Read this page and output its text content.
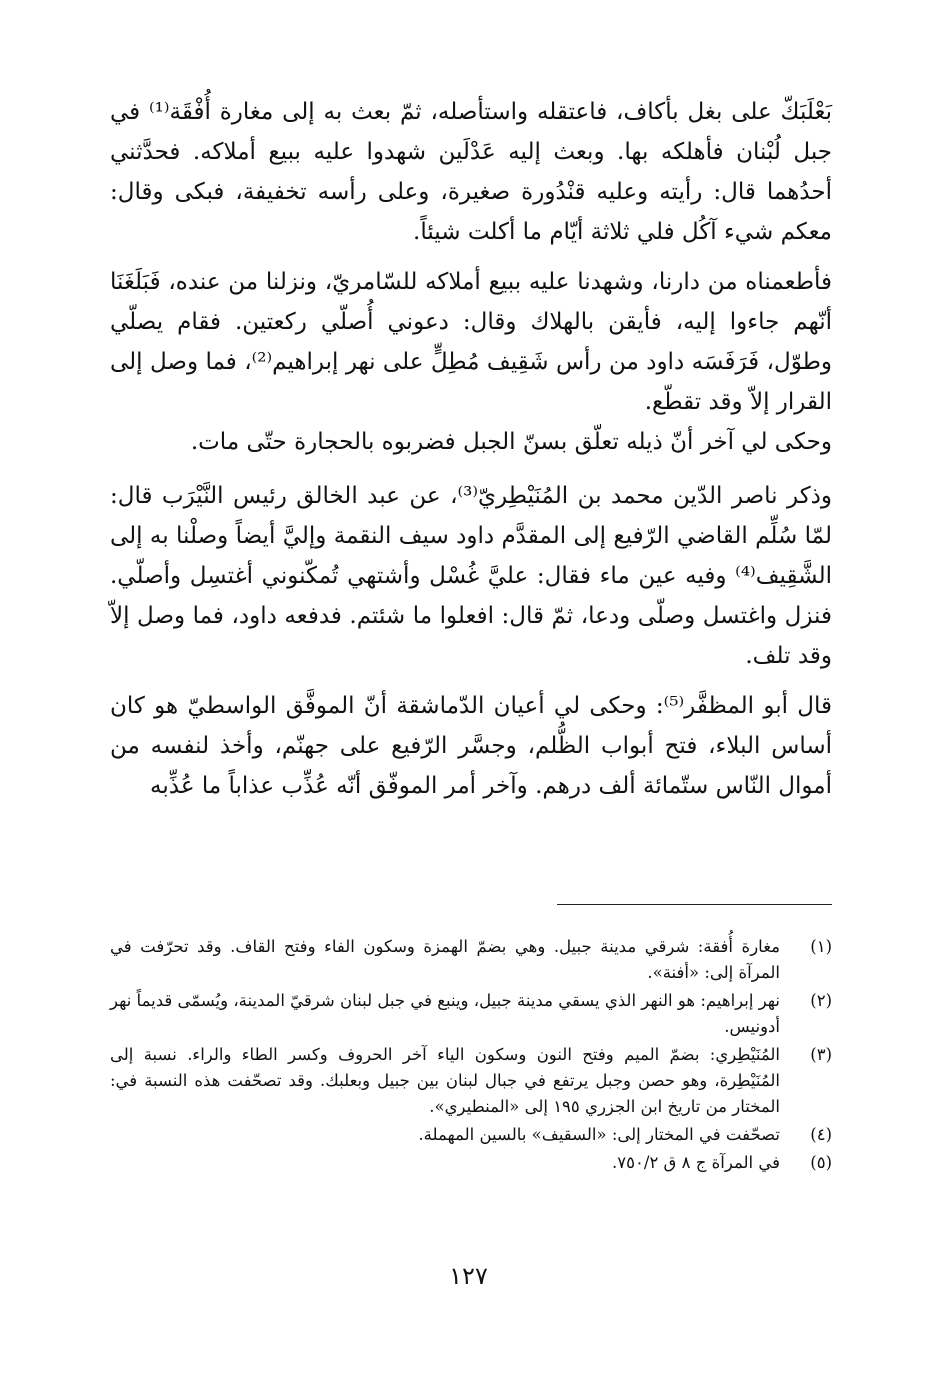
بَعْلَبَكّ على بغل بأكاف، فاعتقله واستأصله، ثمّ بعث به إلى مغارة أُفْقَة⁽¹⁾ في جبل لُبْنان فأهلكه بها. وبعث إليه عَدْلَين شهدوا عليه ببيع أملاكه. فحدَّثني أحدُهما قال: رأيته وعليه قنْدُورة صغيرة، وعلى رأسه تخفيفة، فبكى وقال: معكم شيء آكُل فلي ثلاثة أيّام ما أكلت شيئاً.

فأطعمناه من دارنا، وشهدنا عليه ببيع أملاكه للسّامريّ، ونزلنا من عنده، فَبَلَغَنَا أنّهم جاءوا إليه، فأيقن بالهلاك وقال: دعوني أُصلّي ركعتين. فقام يصلّي وطوّل، فَرَفَسَه داود من رأس شَقِيف مُطِلٍّ على نهر إبراهيم⁽²⁾، فما وصل إلى القرار إلاّ وقد تقطّع.

وحكى لي آخر أنّ ذيله تعلّق بسنّ الجبل فضربوه بالحجارة حتّى مات.

وذكر ناصر الدّين محمد بن المُنَيْطِريّ⁽³⁾، عن عبد الخالق رئيس النَّيْرَب قال: لمّا سُلِّم القاضي الرّفيع إلى المقدَّم داود سيف النقمة وإليَّ أيضاً وصلْنا به إلى الشَّقِيف⁽⁴⁾ وفيه عين ماء فقال: عليَّ غُسْل وأشتهي تُمكّنوني أغتسِل وأصلّي. فنزل واغتسل وصلّى ودعا، ثمّ قال: افعلوا ما شئتم. فدفعه داود، فما وصل إلاّ وقد تلف.

قال أبو المظفَّر⁽⁵⁾: وحكى لي أعيان الدّماشقة أنّ الموفَّق الواسطيّ هو كان أساس البلاء، فتح أبواب الظُّلم، وجسَّر الرّفيع على جهنّم، وأخذ لنفسه من أموال النّاس ستّمائة ألف درهم. وآخر أمر الموفّق أنّه عُذِّب عذاباً ما عُذِّبه

(١)
مغارة أُفقة: شرقي مدينة جبيل. وهي بضمّ الهمزة وسكون الفاء وفتح القاف. وقد تحرّفت في المرآة إلى: «أفنة».
(٢)
نهر إبراهيم: هو النهر الذي يسقي مدينة جبيل، وينبع في جبل لبنان شرقيّ المدينة، ويُسمّى قديماً نهر أدونيس.
(٣)
المُنَيْطِري: بضمّ الميم وفتح النون وسكون الياء آخر الحروف وكسر الطاء والراء. نسبة إلى المُنَيْطِرة، وهو حصن وجبل يرتفع في جبال لبنان بين جبيل وبعلبك. وقد تصحّفت هذه النسبة في: المختار من تاريخ ابن الجزري ١٩٥ إلى «المنطيري».
(٤)
تصحّفت في المختار إلى: «السقيف» بالسين المهملة.
(٥)
في المرآة ج ٨ ق ٧٥٠/٢.
١٢٧
